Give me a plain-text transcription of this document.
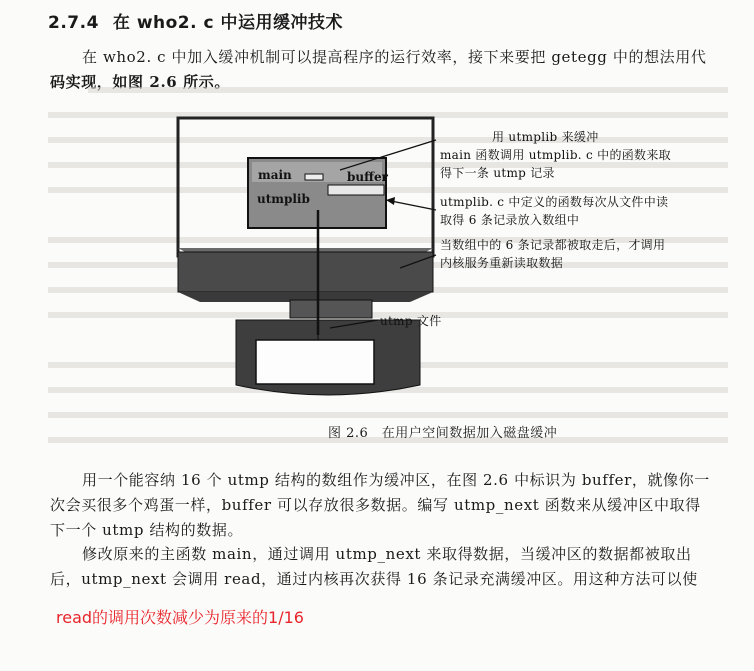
2.7.4 在 who2. c 中运用缓冲技术

在 who2. c 中加入缓冲机制可以提高程序的运行效率，接下来要把 getegg 中的想法用代
码实现，如图 2.6 所示。

main	buffer
utmplib
用 utmplib 来缓冲
main 函数调用 utmplib. c 中的函数来取
得下一条 utmp 记录
utmplib. c 中定义的函数每次从文件中读
取得 6 条记录放入数组中
当数组中的 6 条记录都被取走后，才调用
内核服务重新读取数据
utmp 文件
图 2.6　在用户空间数据加入磁盘缓冲

用一个能容纳 16 个 utmp 结构的数组作为缓冲区，在图 2.6 中标识为 buffer，就像你一
次会买很多个鸡蛋一样，buffer 可以存放很多数据。编写 utmp_next 函数来从缓冲区中取得
下一个 utmp 结构的数据。

修改原来的主函数 main，通过调用 utmp_next 来取得数据，当缓冲区的数据都被取出
后，utmp_next 会调用 read，通过内核再次获得 16 条记录充满缓冲区。用这种方法可以使

read的调用次数减少为原来的1/16
